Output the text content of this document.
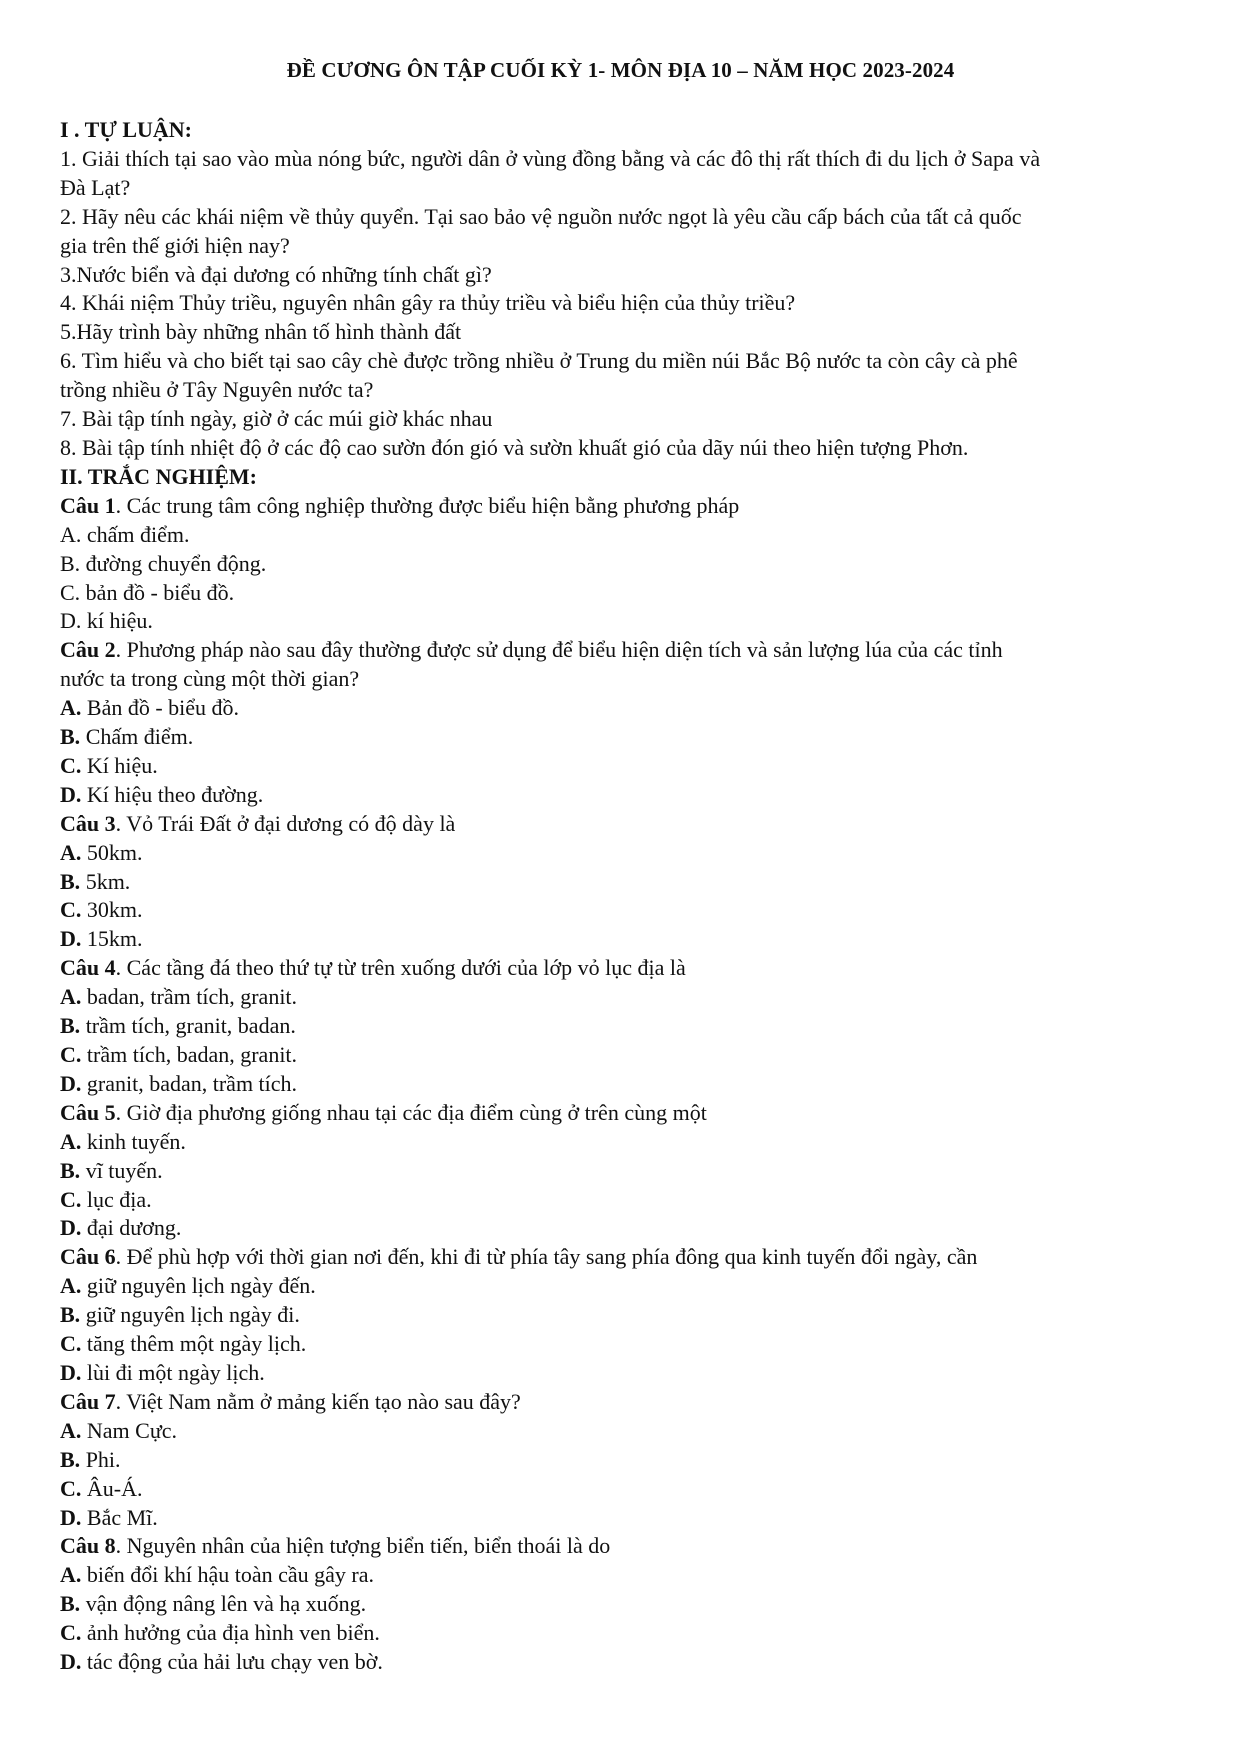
ĐỀ CƯƠNG ÔN TẬP CUỐI KỲ 1- MÔN ĐỊA 10 – NĂM HỌC 2023-2024
I . TỰ LUẬN:
1. Giải thích tại sao vào mùa nóng bức, người dân ở vùng đồng bằng và các đô thị rất thích đi du lịch ở Sapa và
Đà Lạt?
2. Hãy nêu các khái niệm về thủy quyển. Tại sao bảo vệ nguồn nước ngọt là yêu cầu cấp bách của tất cả quốc
gia trên thế giới hiện nay?
3.Nước biển và đại dương có những tính chất gì?
4. Khái niệm Thủy triều, nguyên nhân gây ra thủy triều và biểu hiện của thủy triều?
5.Hãy trình bày những nhân tố hình thành đất
6. Tìm hiểu và cho biết tại sao cây chè được trồng nhiều ở Trung du miền núi Bắc Bộ nước ta còn cây cà phê
trồng nhiều ở Tây Nguyên nước ta?
7. Bài tập tính ngày, giờ ở các múi giờ khác nhau
8. Bài tập tính nhiệt độ ở các độ cao sườn đón gió và sườn khuất gió của dãy núi theo hiện tượng Phơn.
II. TRẮC NGHIỆM:
Câu 1. Các trung tâm công nghiệp thường được biểu hiện bằng phương pháp
A. chấm điểm.
B. đường chuyển động.
C. bản đồ - biểu đồ.
D. kí hiệu.
Câu 2. Phương pháp nào sau đây thường được sử dụng để biểu hiện diện tích và sản lượng lúa của các tỉnh
nước ta trong cùng một thời gian?
A. Bản đồ - biểu đồ.
B. Chấm điểm.
C. Kí hiệu.
D. Kí hiệu theo đường.
Câu 3. Vỏ Trái Đất ở đại dương có độ dày là
A. 50km.
B. 5km.
C. 30km.
D. 15km.
Câu 4. Các tầng đá theo thứ tự từ trên xuống dưới của lớp vỏ lục địa là
A. badan, trầm tích, granit.
B. trầm tích, granit, badan.
C. trầm tích, badan, granit.
D. granit, badan, trầm tích.
Câu 5. Giờ địa phương giống nhau tại các địa điểm cùng ở trên cùng một
A. kinh tuyến.
B. vĩ tuyến.
C. lục địa.
D. đại dương.
Câu 6. Để phù hợp với thời gian nơi đến, khi đi từ phía tây sang phía đông qua kinh tuyến đổi ngày, cần
A. giữ nguyên lịch ngày đến.
B. giữ nguyên lịch ngày đi.
C. tăng thêm một ngày lịch.
D. lùi đi một ngày lịch.
Câu 7. Việt Nam nằm ở mảng kiến tạo nào sau đây?
A. Nam Cực.
B. Phi.
C. Âu-Á.
D. Bắc Mĩ.
Câu 8. Nguyên nhân của hiện tượng biển tiến, biển thoái là do
A. biến đổi khí hậu toàn cầu gây ra.
B. vận động nâng lên và hạ xuống.
C. ảnh hưởng của địa hình ven biển.
D. tác động của hải lưu chạy ven bờ.
